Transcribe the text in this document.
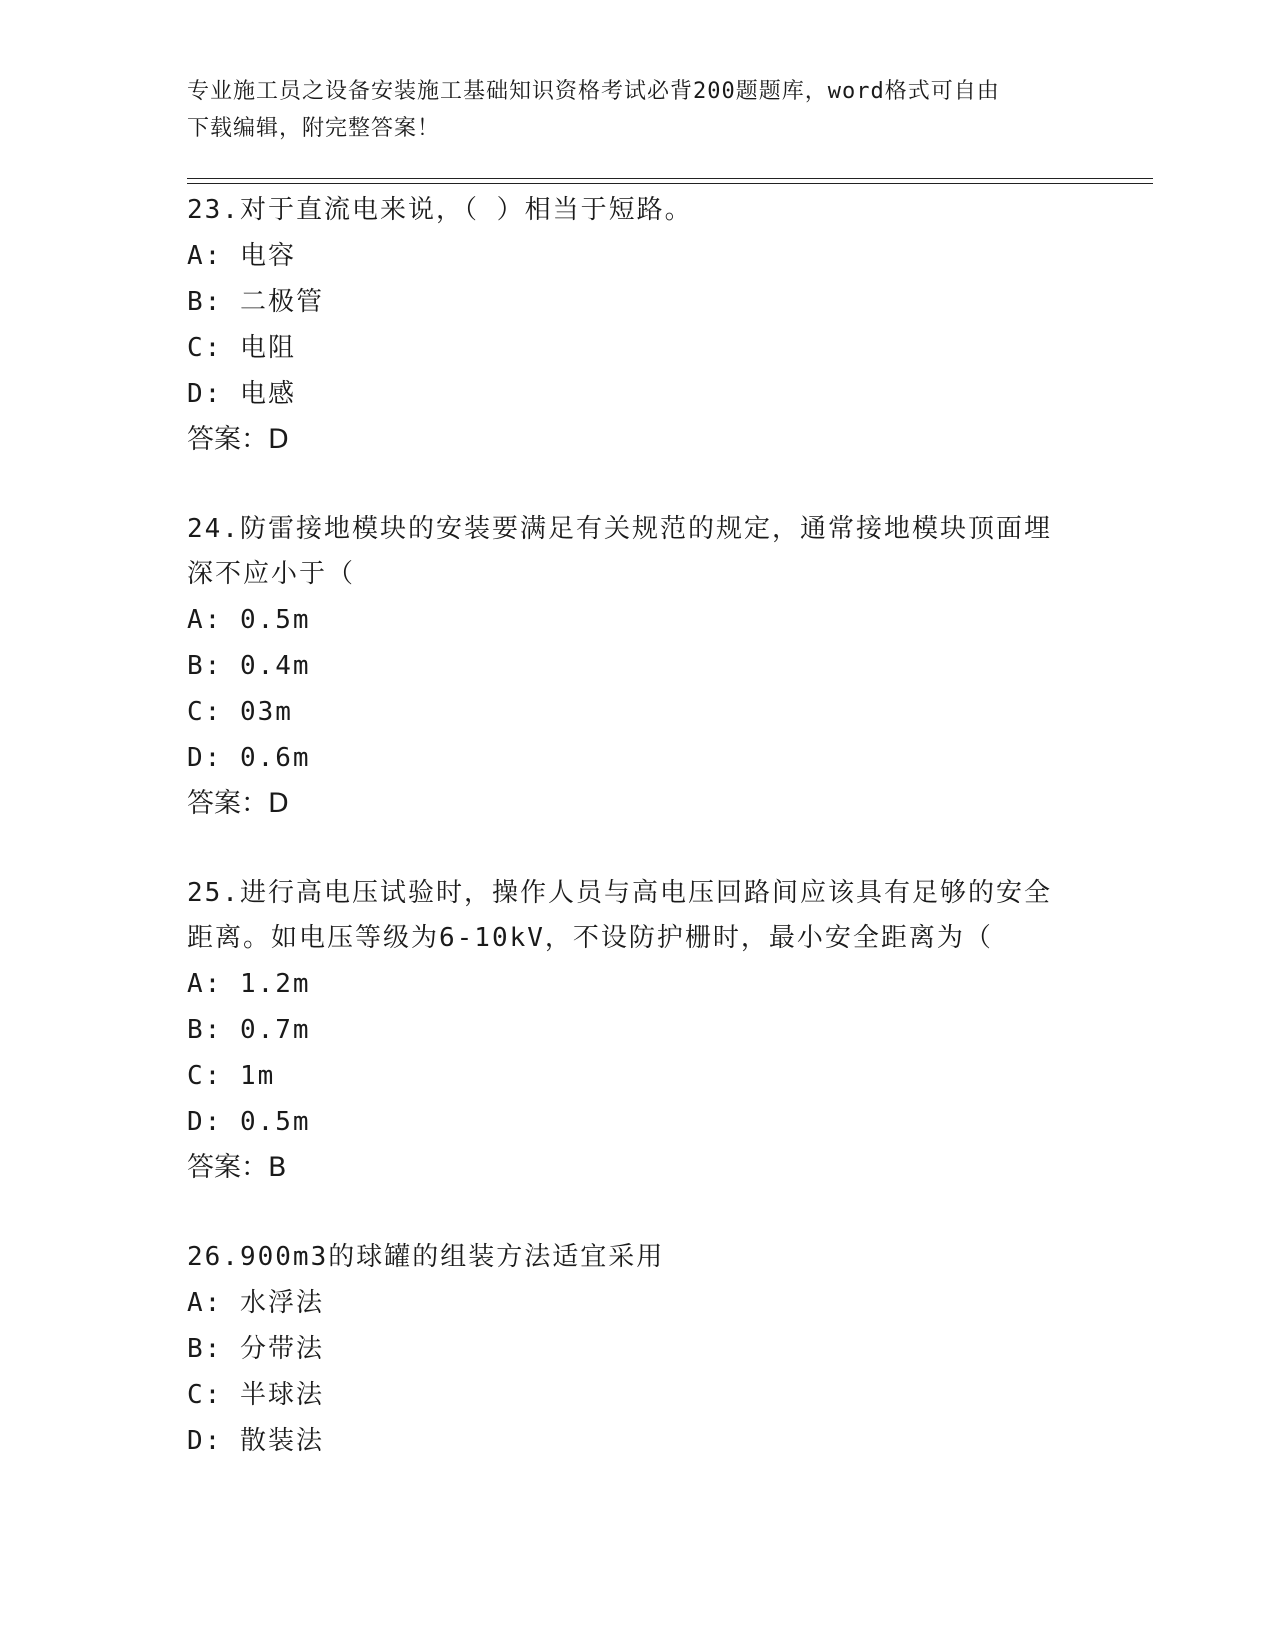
专业施工员之设备安装施工基础知识资格考试必背200题题库，word格式可自由
下载编辑，附完整答案！
23.对于直流电来说，（ ）相当于短路。
A: 电容
B: 二极管
C: 电阻
D: 电感
答案：D
24.防雷接地模块的安装要满足有关规范的规定，通常接地模块顶面埋
深不应小于（
A: 0.5m
B: 0.4m
C: 03m
D: 0.6m
答案：D
25.进行高电压试验时，操作人员与高电压回路间应该具有足够的安全
距离。如电压等级为6-10kV，不设防护栅时，最小安全距离为（
A: 1.2m
B: 0.7m
C: 1m
D: 0.5m
答案：B
26.900m3的球罐的组装方法适宜采用
A: 水浮法
B: 分带法
C: 半球法
D: 散装法
